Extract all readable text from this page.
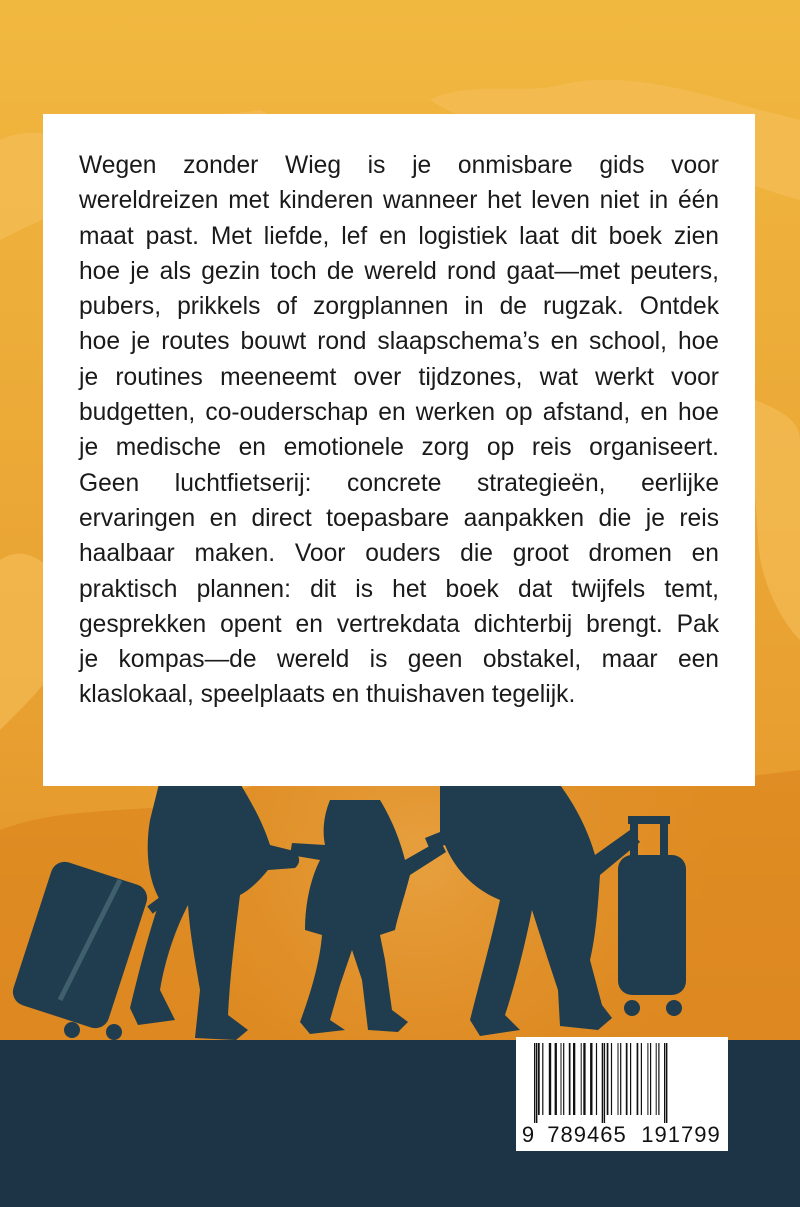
Wegen zonder Wieg is je onmisbare gids voor
wereldreizen met kinderen wanneer het leven niet in één
maat past. Met liefde, lef en logistiek laat dit boek zien
hoe je als gezin toch de wereld rond gaat—met peuters,
pubers, prikkels of zorgplannen in de rugzak. Ontdek
hoe je routes bouwt rond slaapschema’s en school, hoe
je routines meeneemt over tijdzones, wat werkt voor
budgetten, co-ouderschap en werken op afstand, en hoe
je medische en emotionele zorg op reis organiseert.
Geen luchtfietserij: concrete strategieën, eerlijke
ervaringen en direct toepasbare aanpakken die je reis
haalbaar maken. Voor ouders die groot dromen en
praktisch plannen: dit is het boek dat twijfels temt,
gesprekken opent en vertrekdata dichterbij brengt. Pak
je kompas—de wereld is geen obstakel, maar een
klaslokaal, speelplaats en thuishaven tegelijk.

9 789465 191799
